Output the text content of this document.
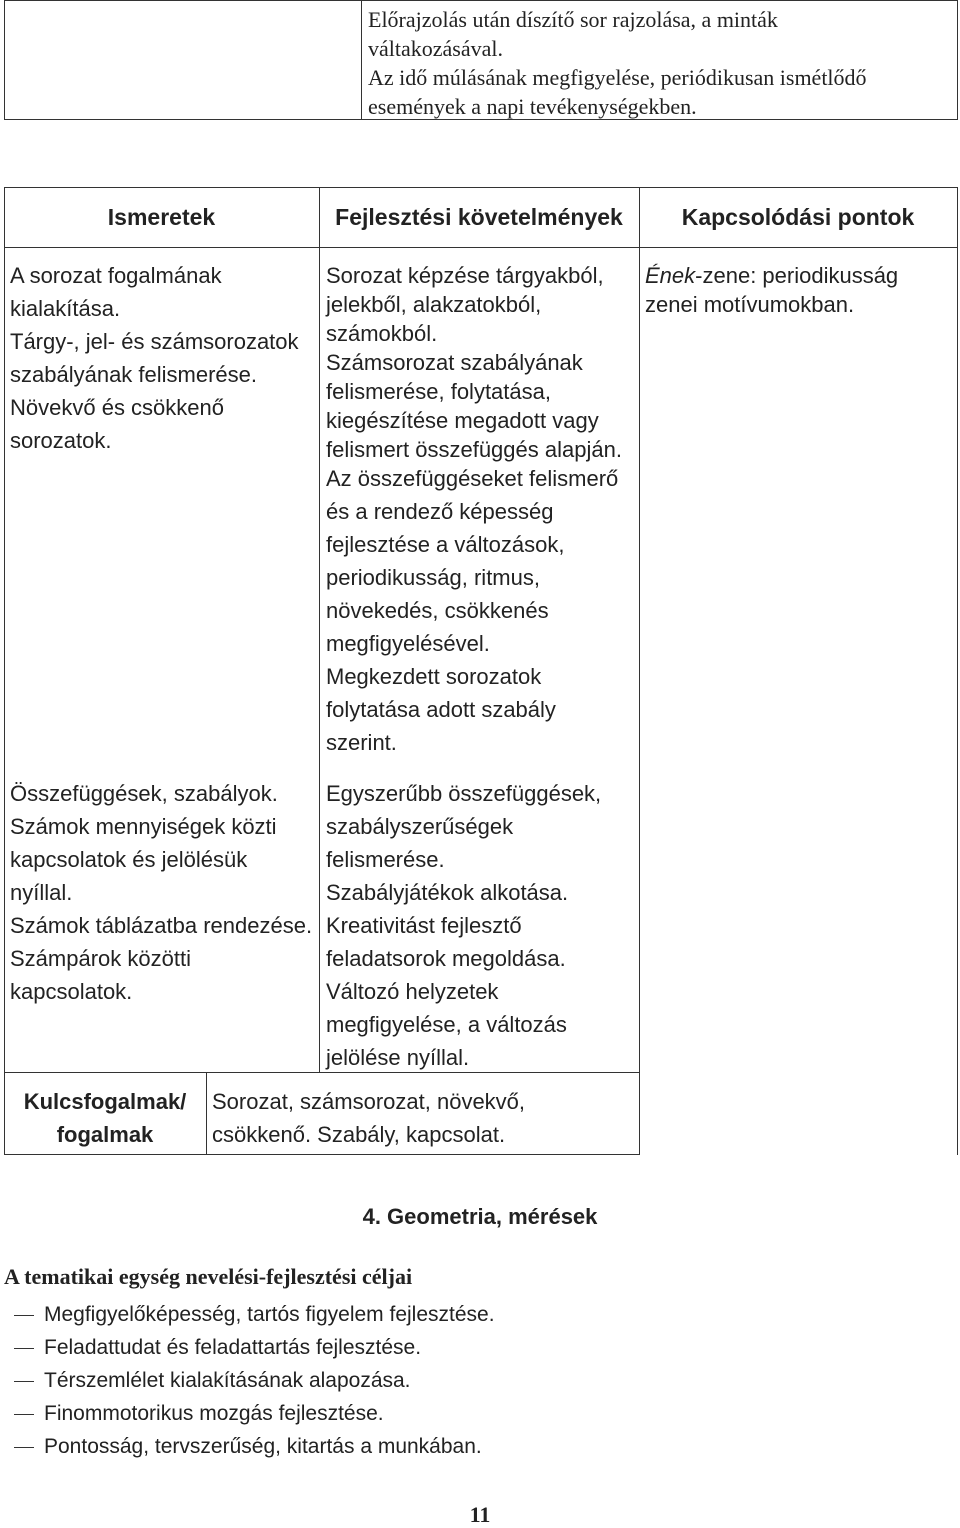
Előrajzolás után díszítő sor rajzolása, a minták
váltakozásával.
Az idő múlásának megfigyelése, periódikusan ismétlődő
események a napi tevékenységekben.
Ismeretek	Fejlesztési követelmények	Kapcsolódási pontok
A sorozat fogalmának
kialakítása.
Tárgy-, jel- és számsorozatok
szabályának felismerése.
Növekvő és csökkenő
sorozatok.
Sorozat képzése tárgyakból,
jelekből, alakzatokból,
számokból.
Számsorozat szabályának
felismerése, folytatása,
kiegészítése megadott vagy
felismert összefüggés alapján.
Az összefüggéseket felismerő
és a rendező képesség
fejlesztése a változások,
periodikusság, ritmus,
növekedés, csökkenés
megfigyelésével.
Megkezdett sorozatok
folytatása adott szabály
szerint.
Ének-zene: periodikusság
zenei motívumokban.
Összefüggések, szabályok.
Számok mennyiségek közti
kapcsolatok és jelölésük
nyíllal.
Számok táblázatba rendezése.
Számpárok közötti
kapcsolatok.
Egyszerűbb összefüggések,
szabályszerűségek
felismerése.
Szabályjátékok alkotása.
Kreativitást fejlesztő
feladatsorok megoldása.
Változó helyzetek
megfigyelése, a változás
jelölése nyíllal.
Kulcsfogalmak/
fogalmak
Sorozat, számsorozat, növekvő,
csökkenő. Szabály, kapcsolat.
4. Geometria, mérések
A tematikai egység nevelési-fejlesztési céljai
Megfigyelőképesség, tartós figyelem fejlesztése.
Feladattudat és feladattartás fejlesztése.
Térszemlélet kialakításának alapozása.
Finommotorikus mozgás fejlesztése.
Pontosság, tervszerűség, kitartás a munkában.
11
